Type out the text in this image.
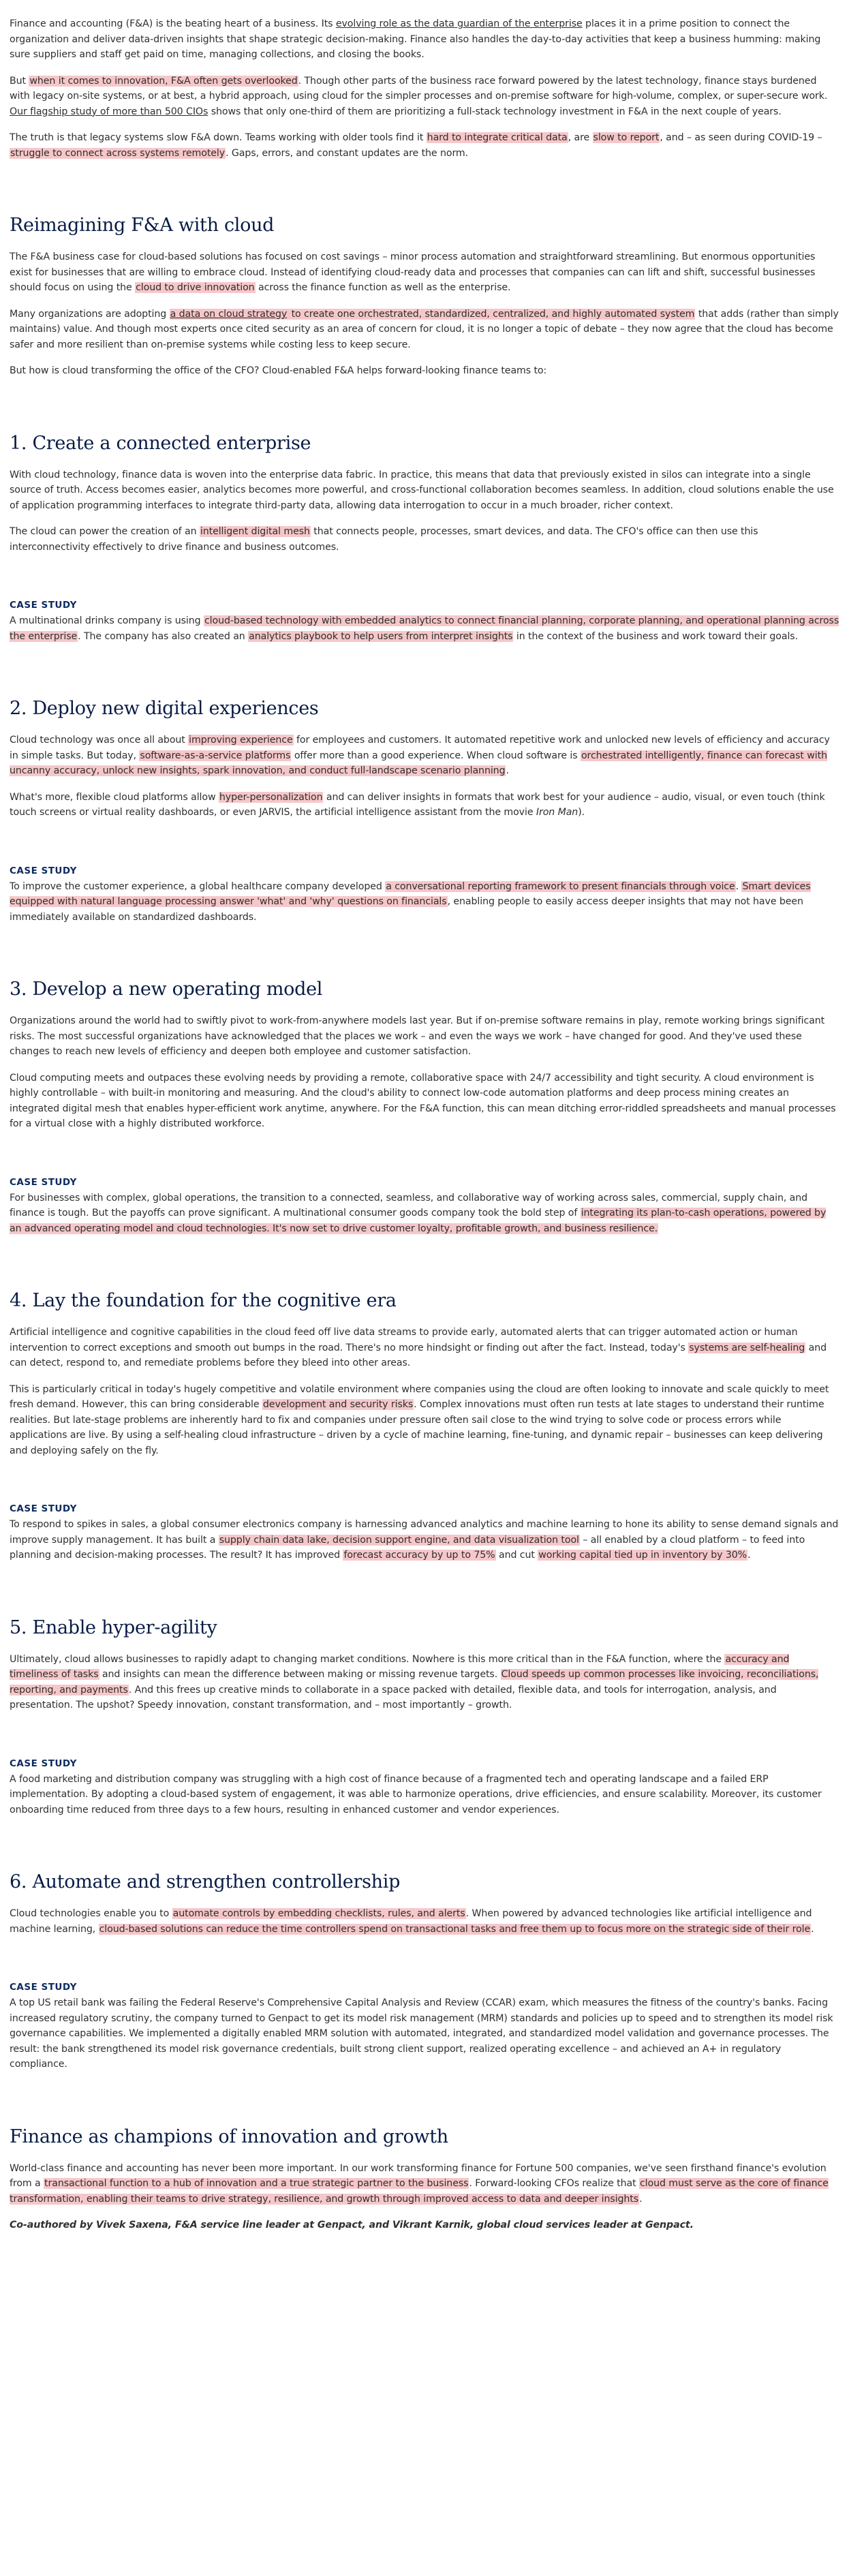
Finance and accounting (F&A) is the beating heart of a business. Its evolving role as the data guardian of the enterprise places it in a prime position to connect the organization and deliver data-driven insights that shape strategic decision-making. Finance also handles the day-to-day activities that keep a business humming: making sure suppliers and staff get paid on time, managing collections, and closing the books.

But when it comes to innovation, F&A often gets overlooked. Though other parts of the business race forward powered by the latest technology, finance stays burdened with legacy on-site systems, or at best, a hybrid approach, using cloud for the simpler processes and on-premise software for high-volume, complex, or super-secure work. Our flagship study of more than 500 CIOs shows that only one-third of them are prioritizing a full-stack technology investment in F&A in the next couple of years.

The truth is that legacy systems slow F&A down. Teams working with older tools find it hard to integrate critical data, are slow to report, and – as seen during COVID-19 – struggle to connect across systems remotely. Gaps, errors, and constant updates are the norm.

Reimagining F&A with cloud

The F&A business case for cloud-based solutions has focused on cost savings – minor process automation and straightforward streamlining. But enormous opportunities exist for businesses that are willing to embrace cloud. Instead of identifying cloud-ready data and processes that companies can can lift and shift, successful businesses should focus on using the cloud to drive innovation across the finance function as well as the enterprise.

Many organizations are adopting a data on cloud strategy to create one orchestrated, standardized, centralized, and highly automated system that adds (rather than simply maintains) value. And though most experts once cited security as an area of concern for cloud, it is no longer a topic of debate – they now agree that the cloud has become safer and more resilient than on-premise systems while costing less to keep secure.

But how is cloud transforming the office of the CFO? Cloud-enabled F&A helps forward-looking finance teams to:

1. Create a connected enterprise

With cloud technology, finance data is woven into the enterprise data fabric. In practice, this means that data that previously existed in silos can integrate into a single source of truth. Access becomes easier, analytics becomes more powerful, and cross-functional collaboration becomes seamless. In addition, cloud solutions enable the use of application programming interfaces to integrate third-party data, allowing data interrogation to occur in a much broader, richer context.

The cloud can power the creation of an intelligent digital mesh that connects people, processes, smart devices, and data. The CFO's office can then use this interconnectivity effectively to drive finance and business outcomes.

CASE STUDY

A multinational drinks company is using cloud-based technology with embedded analytics to connect financial planning, corporate planning, and operational planning across the enterprise. The company has also created an analytics playbook to help users from interpret insights in the context of the business and work toward their goals.

2. Deploy new digital experiences

Cloud technology was once all about improving experience for employees and customers. It automated repetitive work and unlocked new levels of efficiency and accuracy in simple tasks. But today, software-as-a-service platforms offer more than a good experience. When cloud software is orchestrated intelligently, finance can forecast with uncanny accuracy, unlock new insights, spark innovation, and conduct full-landscape scenario planning.

What's more, flexible cloud platforms allow hyper-personalization and can deliver insights in formats that work best for your audience – audio, visual, or even touch (think touch screens or virtual reality dashboards, or even JARVIS, the artificial intelligence assistant from the movie Iron Man).

CASE STUDY

To improve the customer experience, a global healthcare company developed a conversational reporting framework to present financials through voice. Smart devices equipped with natural language processing answer 'what' and 'why' questions on financials, enabling people to easily access deeper insights that may not have been immediately available on standardized dashboards.

3. Develop a new operating model

Organizations around the world had to swiftly pivot to work-from-anywhere models last year. But if on-premise software remains in play, remote working brings significant risks. The most successful organizations have acknowledged that the places we work – and even the ways we work – have changed for good. And they've used these changes to reach new levels of efficiency and deepen both employee and customer satisfaction.

Cloud computing meets and outpaces these evolving needs by providing a remote, collaborative space with 24/7 accessibility and tight security. A cloud environment is highly controllable – with built-in monitoring and measuring. And the cloud's ability to connect low-code automation platforms and deep process mining creates an integrated digital mesh that enables hyper-efficient work anytime, anywhere. For the F&A function, this can mean ditching error-riddled spreadsheets and manual processes for a virtual close with a highly distributed workforce.

CASE STUDY

For businesses with complex, global operations, the transition to a connected, seamless, and collaborative way of working across sales, commercial, supply chain, and finance is tough. But the payoffs can prove significant. A multinational consumer goods company took the bold step of integrating its plan-to-cash operations, powered by an advanced operating model and cloud technologies. It's now set to drive customer loyalty, profitable growth, and business resilience.

4. Lay the foundation for the cognitive era

Artificial intelligence and cognitive capabilities in the cloud feed off live data streams to provide early, automated alerts that can trigger automated action or human intervention to correct exceptions and smooth out bumps in the road. There's no more hindsight or finding out after the fact. Instead, today's systems are self-healing and can detect, respond to, and remediate problems before they bleed into other areas.

This is particularly critical in today's hugely competitive and volatile environment where companies using the cloud are often looking to innovate and scale quickly to meet fresh demand. However, this can bring considerable development and security risks. Complex innovations must often run tests at late stages to understand their runtime realities. But late-stage problems are inherently hard to fix and companies under pressure often sail close to the wind trying to solve code or process errors while applications are live. By using a self-healing cloud infrastructure – driven by a cycle of machine learning, fine-tuning, and dynamic repair – businesses can keep delivering and deploying safely on the fly.

CASE STUDY

To respond to spikes in sales, a global consumer electronics company is harnessing advanced analytics and machine learning to hone its ability to sense demand signals and improve supply management. It has built a supply chain data lake, decision support engine, and data visualization tool – all enabled by a cloud platform – to feed into planning and decision-making processes. The result? It has improved forecast accuracy by up to 75% and cut working capital tied up in inventory by 30%.

5. Enable hyper-agility

Ultimately, cloud allows businesses to rapidly adapt to changing market conditions. Nowhere is this more critical than in the F&A function, where the accuracy and timeliness of tasks and insights can mean the difference between making or missing revenue targets. Cloud speeds up common processes like invoicing, reconciliations, reporting, and payments. And this frees up creative minds to collaborate in a space packed with detailed, flexible data, and tools for interrogation, analysis, and presentation. The upshot? Speedy innovation, constant transformation, and – most importantly – growth.

CASE STUDY

A food marketing and distribution company was struggling with a high cost of finance because of a fragmented tech and operating landscape and a failed ERP implementation. By adopting a cloud-based system of engagement, it was able to harmonize operations, drive efficiencies, and ensure scalability. Moreover, its customer onboarding time reduced from three days to a few hours, resulting in enhanced customer and vendor experiences.

6. Automate and strengthen controllership

Cloud technologies enable you to automate controls by embedding checklists, rules, and alerts. When powered by advanced technologies like artificial intelligence and machine learning, cloud-based solutions can reduce the time controllers spend on transactional tasks and free them up to focus more on the strategic side of their role.

CASE STUDY

A top US retail bank was failing the Federal Reserve's Comprehensive Capital Analysis and Review (CCAR) exam, which measures the fitness of the country's banks. Facing increased regulatory scrutiny, the company turned to Genpact to get its model risk management (MRM) standards and policies up to speed and to strengthen its model risk governance capabilities. We implemented a digitally enabled MRM solution with automated, integrated, and standardized model validation and governance processes. The result: the bank strengthened its model risk governance credentials, built strong client support, realized operating excellence – and achieved an A+ in regulatory compliance.

Finance as champions of innovation and growth

World-class finance and accounting has never been more important. In our work transforming finance for Fortune 500 companies, we've seen firsthand finance's evolution from a transactional function to a hub of innovation and a true strategic partner to the business. Forward-looking CFOs realize that cloud must serve as the core of finance transformation, enabling their teams to drive strategy, resilience, and growth through improved access to data and deeper insights.

Co-authored by Vivek Saxena, F&A service line leader at Genpact, and Vikrant Karnik, global cloud services leader at Genpact.
